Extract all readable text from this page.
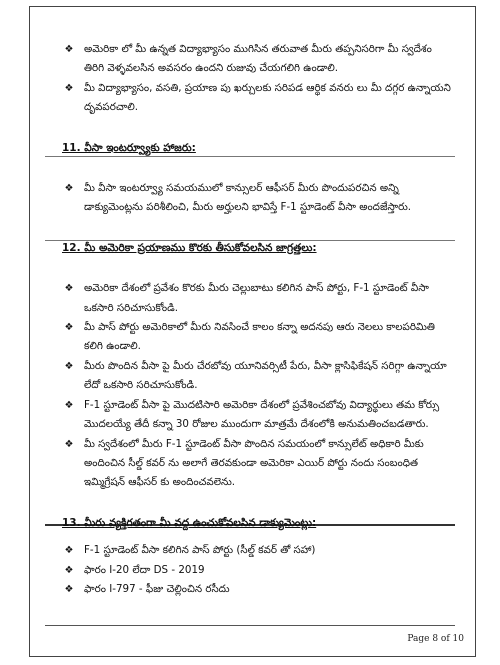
❖ అమెరికా లో మీ ఉన్నత విద్యాభ్యాసం ముగిసిన తరువాత మీరు తప్పనిసరిగా మీ స్వదేశం తిరిగి వెళ్ళవలసిన అవసరం ఉందని రుజువు చేయగలిగి ఉండాలి.
❖ మీ విద్యాభ్యాసం, వసతి, ప్రయాణ పు ఖర్చులకు సరిపడ ఆర్థిక వనరు లు మీ దగ్గర ఉన్నాయని దృవపరచాలి.

11. వీసా ఇంటర్వ్యూకు హాజరు:

❖ మీ వీసా ఇంటర్వ్యూ సమయములో కాన్సులర్ ఆఫీసర్ మీరు పొందుపరచిన అన్ని డాక్యుమెంట్లను పరిశీలించి, మీరు అర్హులని భావిస్తే F-1 స్టూడెంట్ వీసా అందజేస్తారు.

12. మీ అమెరికా ప్రయాణము కొరకు తీసుకోవలసిన జాగ్రత్తలు:

❖ అమెరికా దేశంలో ప్రవేశం కొరకు మీరు చెల్లుబాటు కలిగిన పాస్ పోర్టు, F-1 స్టూడెంట్ వీసా ఒకసారి సరిచూసుకోండి.
❖ మీ పాస్ పోర్టు అమెరికాలో మీరు నివసించే కాలం కన్నా అదనపు ఆరు నెలలు కాలపరిమితి కలిగి ఉండాలి.
❖ మీరు పొందిన వీసా పై మీరు చేరబోవు యూనివర్సిటీ పేరు, వీసా క్లాసిఫికేషన్ సరిగ్గా ఉన్నాయా లేదో ఒకసారి సరిచూసుకోండి.
❖ F-1 స్టూడెంట్ వీసా పై మొదటిసారి అమెరికా దేశంలో ప్రవేశించబోవు విద్యార్థులు తమ కోర్సు మొదలయ్యే తేదీ కన్నా 30 రోజుల ముందుగా మాత్రమే దేశంలోకి అనుమతించబడతారు.
❖ మీ స్వదేశంలో మీరు F-1 స్టూడెంట్ వీసా పొందిన సమయంలో కాన్సులేట్ అధికారి మీకు అందించిన సీల్డ్ కవర్ ను అలాగే తెరవకుండా అమెరికా ఎయిర్ పోర్టు నందు సంబంధిత ఇమ్మిగ్రేషన్ ఆఫీసర్ కు అందించవలెను.

13. మీరు వ్యక్తిగతంగా మీ వద్ద ఉంచుకోవలసిన డాక్యుమెంట్లు:

❖ F-1 స్టూడెంట్ వీసా కలిగిన పాస్ పోర్టు (సీల్డ్ కవర్ తో సహా)
❖ ఫారం I-20 లేదా DS - 2019
❖ ఫారం I-797 - ఫీజు చెల్లించిన రసీదు
Page 8 of 10
